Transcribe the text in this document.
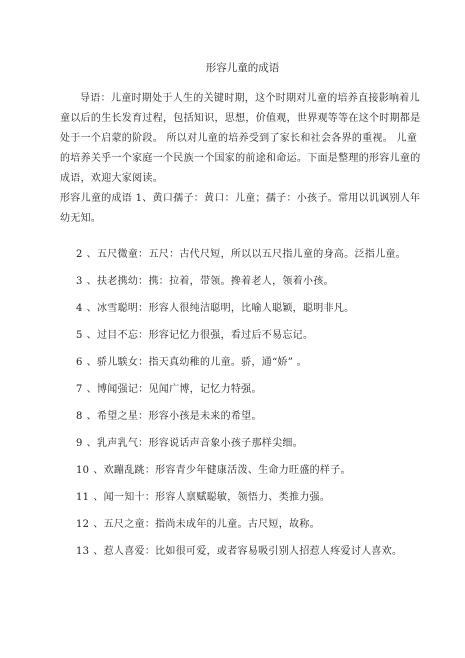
形容儿童的成语

导语：儿童时期处于人生的关键时期，这个时期对儿童的培养直接影响着儿童以后的生长发育过程，包括知识，思想，价值观，世界观等等在这个时期都是处于一个启蒙的阶段。 所以对儿童的培养受到了家长和社会各界的重视。 儿童的培养关乎一个家庭一个民族一个国家的前途和命运。下面是整理的形容儿童的成语，欢迎大家阅读。

形容儿童的成语 1、黄口孺子：黄口：儿童；孺子：小孩子。常用以讥讽别人年幼无知。

2 、五尺微童：五尺：古代尺短，所以以五尺指儿童的身高。泛指儿童。
3 、扶老携幼：携：拉着，带领。搀着老人，领着小孩。
4 、冰雪聪明：形容人很纯洁聪明，比喻人聪颖，聪明非凡。
5 、过目不忘：形容记忆力很强，看过后不易忘记。
6 、骄儿騃女：指天真幼稚的儿童。骄，通“娇” 。
7 、博闻强记：见闻广博，记忆力特强。
8 、希望之星：形容小孩是未来的希望。
9 、乳声乳气：形容说话声音象小孩子那样尖细。
10 、欢蹦乱跳：形容青少年健康活泼、生命力旺盛的样子。
11 、闻一知十：形容人禀赋聪敏，领悟力、类推力强。
12 、五尺之童：指尚未成年的儿童。古尺短，故称。
13 、惹人喜爱：比如很可爱，或者容易吸引别人招惹人疼爱讨人喜欢。
